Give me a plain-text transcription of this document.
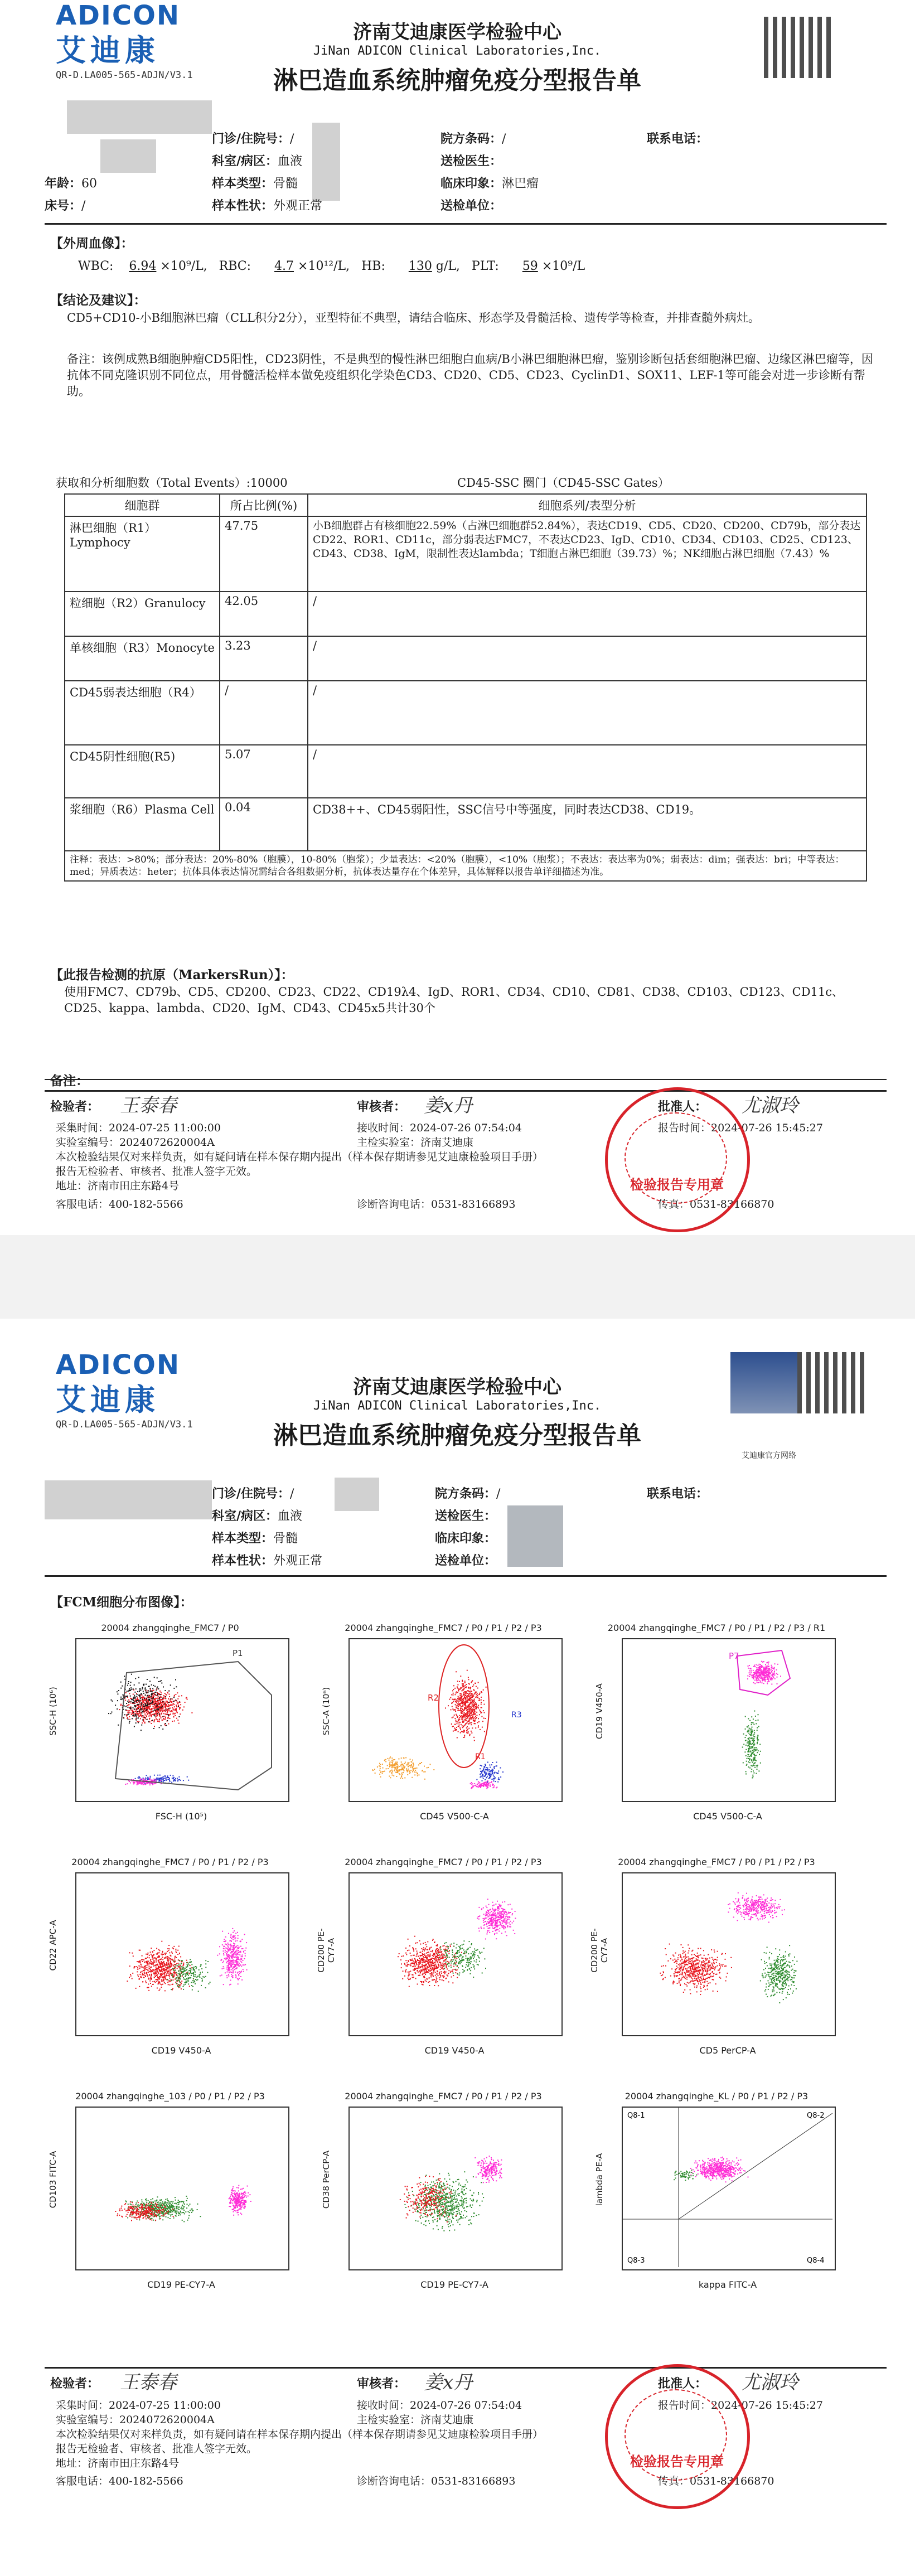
ADICON
艾迪康
QR-D.LA005-565-ADJN/V3.1
济南艾迪康医学检验中心
JiNan ADICON Clinical Laboratories,Inc.
淋巴造血系统肿瘤免疫分型报告单
门诊/住院号：/
科室/病区：血液
样本类型：骨髓
样本性状：外观正常
院方条码：/
送检医生：
临床印象：淋巴瘤
送检单位：
联系电话：
年龄：60
床号：/
【外周血像】：
WBC: 6.94 ×10⁹/L, RBC: 4.7 ×10¹²/L, HB: 130 g/L, PLT: 59 ×10⁹/L
【结论及建议】：
CD5+CD10-小B细胞淋巴瘤（CLL积分2分），亚型特征不典型，请结合临床、形态学及骨髓活检、遗传学等检查，并排查髓外病灶。
备注：该例成熟B细胞肿瘤CD5阳性，CD23阴性，不是典型的慢性淋巴细胞白血病/B小淋巴细胞淋巴瘤，鉴别诊断包括套细胞淋巴瘤、边缘区淋巴瘤等，因抗体不同克隆识别不同位点，用骨髓活检样本做免疫组织化学染色CD3、CD20、CD5、CD23、CyclinD1、SOX11、LEF-1等可能会对进一步诊断有帮助。
获取和分析细胞数（Total Events）:10000	CD45-SSC 圈门（CD45-SSC Gates）
细胞群	所占比例(%)	细胞系列/表型分析
淋巴细胞（R1）Lymphocy	47.75	小B细胞群占有核细胞22.59%（占淋巴细胞群52.84%），表达CD19、CD5、CD20、CD200、CD79b，部分表达CD22、ROR1、CD11c，部分弱表达FMC7，不表达CD23、IgD、CD10、CD34、CD103、CD25、CD123、CD43、CD38、IgM，限制性表达lambda；T细胞占淋巴细胞（39.73）%；NK细胞占淋巴细胞（7.43）%
粒细胞（R2）Granulocy	42.05	/
单核细胞（R3）Monocyte	3.23	/
CD45弱表达细胞（R4）	/	/
CD45阴性细胞(R5)	5.07	/
浆细胞（R6）Plasma Cell	0.04	CD38++、CD45弱阳性，SSC信号中等强度，同时表达CD38、CD19。
注释：表达：>80%；部分表达：20%-80%（胞膜），10-80%（胞浆）；少量表达：<20%（胞膜），<10%（胞浆）；不表达：表达率为0%；弱表达：dim；强表达：bri；中等表达：med；异质表达：heter；抗体具体表达情况需结合各组数据分析，抗体表达量存在个体差异，具体解释以报告单详细描述为准。		
【此报告检测的抗原（MarkersRun）】：
使用FMC7、CD79b、CD5、CD200、CD23、CD22、CD19λ4、IgD、ROR1、CD34、CD10、CD81、CD38、CD103、CD123、CD11c、CD25、kappa、lambda、CD20、IgM、CD43、CD45x5共计30个
备注：
检验者： 王泰春	审核者： 姜x丹	批准人： 尤淑玲
采集时间：2024-07-25 11:00:00	接收时间：2024-07-26 07:54:04	报告时间：2024-07-26 15:45:27
实验室编号：2024072620004A	主检实验室：济南艾迪康
本次检验结果仅对来样负责，如有疑问请在样本保存期内提出（样本保存期请参见艾迪康检验项目手册）
报告无检验者、审核者、批准人签字无效。
地址：济南市田庄东路4号
客服电话：400-182-5566	诊断咨询电话：0531-83166893	传真：0531-83166870
检验报告专用章
ADICON
艾迪康
QR-D.LA005-565-ADJN/V3.1
济南艾迪康医学检验中心
JiNan ADICON Clinical Laboratories,Inc.
淋巴造血系统肿瘤免疫分型报告单
艾迪康官方网络
门诊/住院号：/
科室/病区：血液
样本类型：骨髓
样本性状：外观正常
院方条码：/
送检医生：
临床印象：
送检单位：
联系电话：
【FCM细胞分布图像】：
检验者： 王泰春	审核者： 姜x丹	批准人： 尤淑玲
采集时间：2024-07-25 11:00:00	接收时间：2024-07-26 07:54:04	报告时间：2024-07-26 15:45:27
实验室编号：2024072620004A	主检实验室：济南艾迪康
本次检验结果仅对来样负责，如有疑问请在样本保存期内提出（样本保存期请参见艾迪康检验项目手册）
报告无检验者、审核者、批准人签字无效。
地址：济南市田庄东路4号
客服电话：400-182-5566	诊断咨询电话：0531-83166893	传真：0531-83166870
检验报告专用章
20004 zhangqinghe_FMC7 / P0
SSC-H (10⁶)
P1
FSC-H (10⁵)
20004 zhangqinghe_FMC7 / P0 / P1 / P2 / P3
SSC-A (10⁶)	R2
R1
R3
R5
CD45 V500-C-A
20004 zhangqinghe_FMC7 / P0 / P1 / P2 / P3 / R1
CD19 V450-A
P7
CD45 V500-C-A
20004 zhangqinghe_FMC7 / P0 / P1 / P2 / P3
CD22 APC-A
CD19 V450-A
20004 zhangqinghe_FMC7 / P0 / P1 / P2 / P3
CD200 PE-CY7-A
CD19 V450-A
20004 zhangqinghe_FMC7 / P0 / P1 / P2 / P3
CD200 PE-CY7-A
CD5 PerCP-A
20004 zhangqinghe_103 / P0 / P1 / P2 / P3
CD103 FITC-A
CD19 PE-CY7-A
20004 zhangqinghe_FMC7 / P0 / P1 / P2 / P3
CD38 PerCP-A
CD19 PE-CY7-A
20004 zhangqinghe_KL / P0 / P1 / P2 / P3
lambda PE-A
Q8-1	Q8-2
Q8-3	Q8-4
kappa FITC-A
